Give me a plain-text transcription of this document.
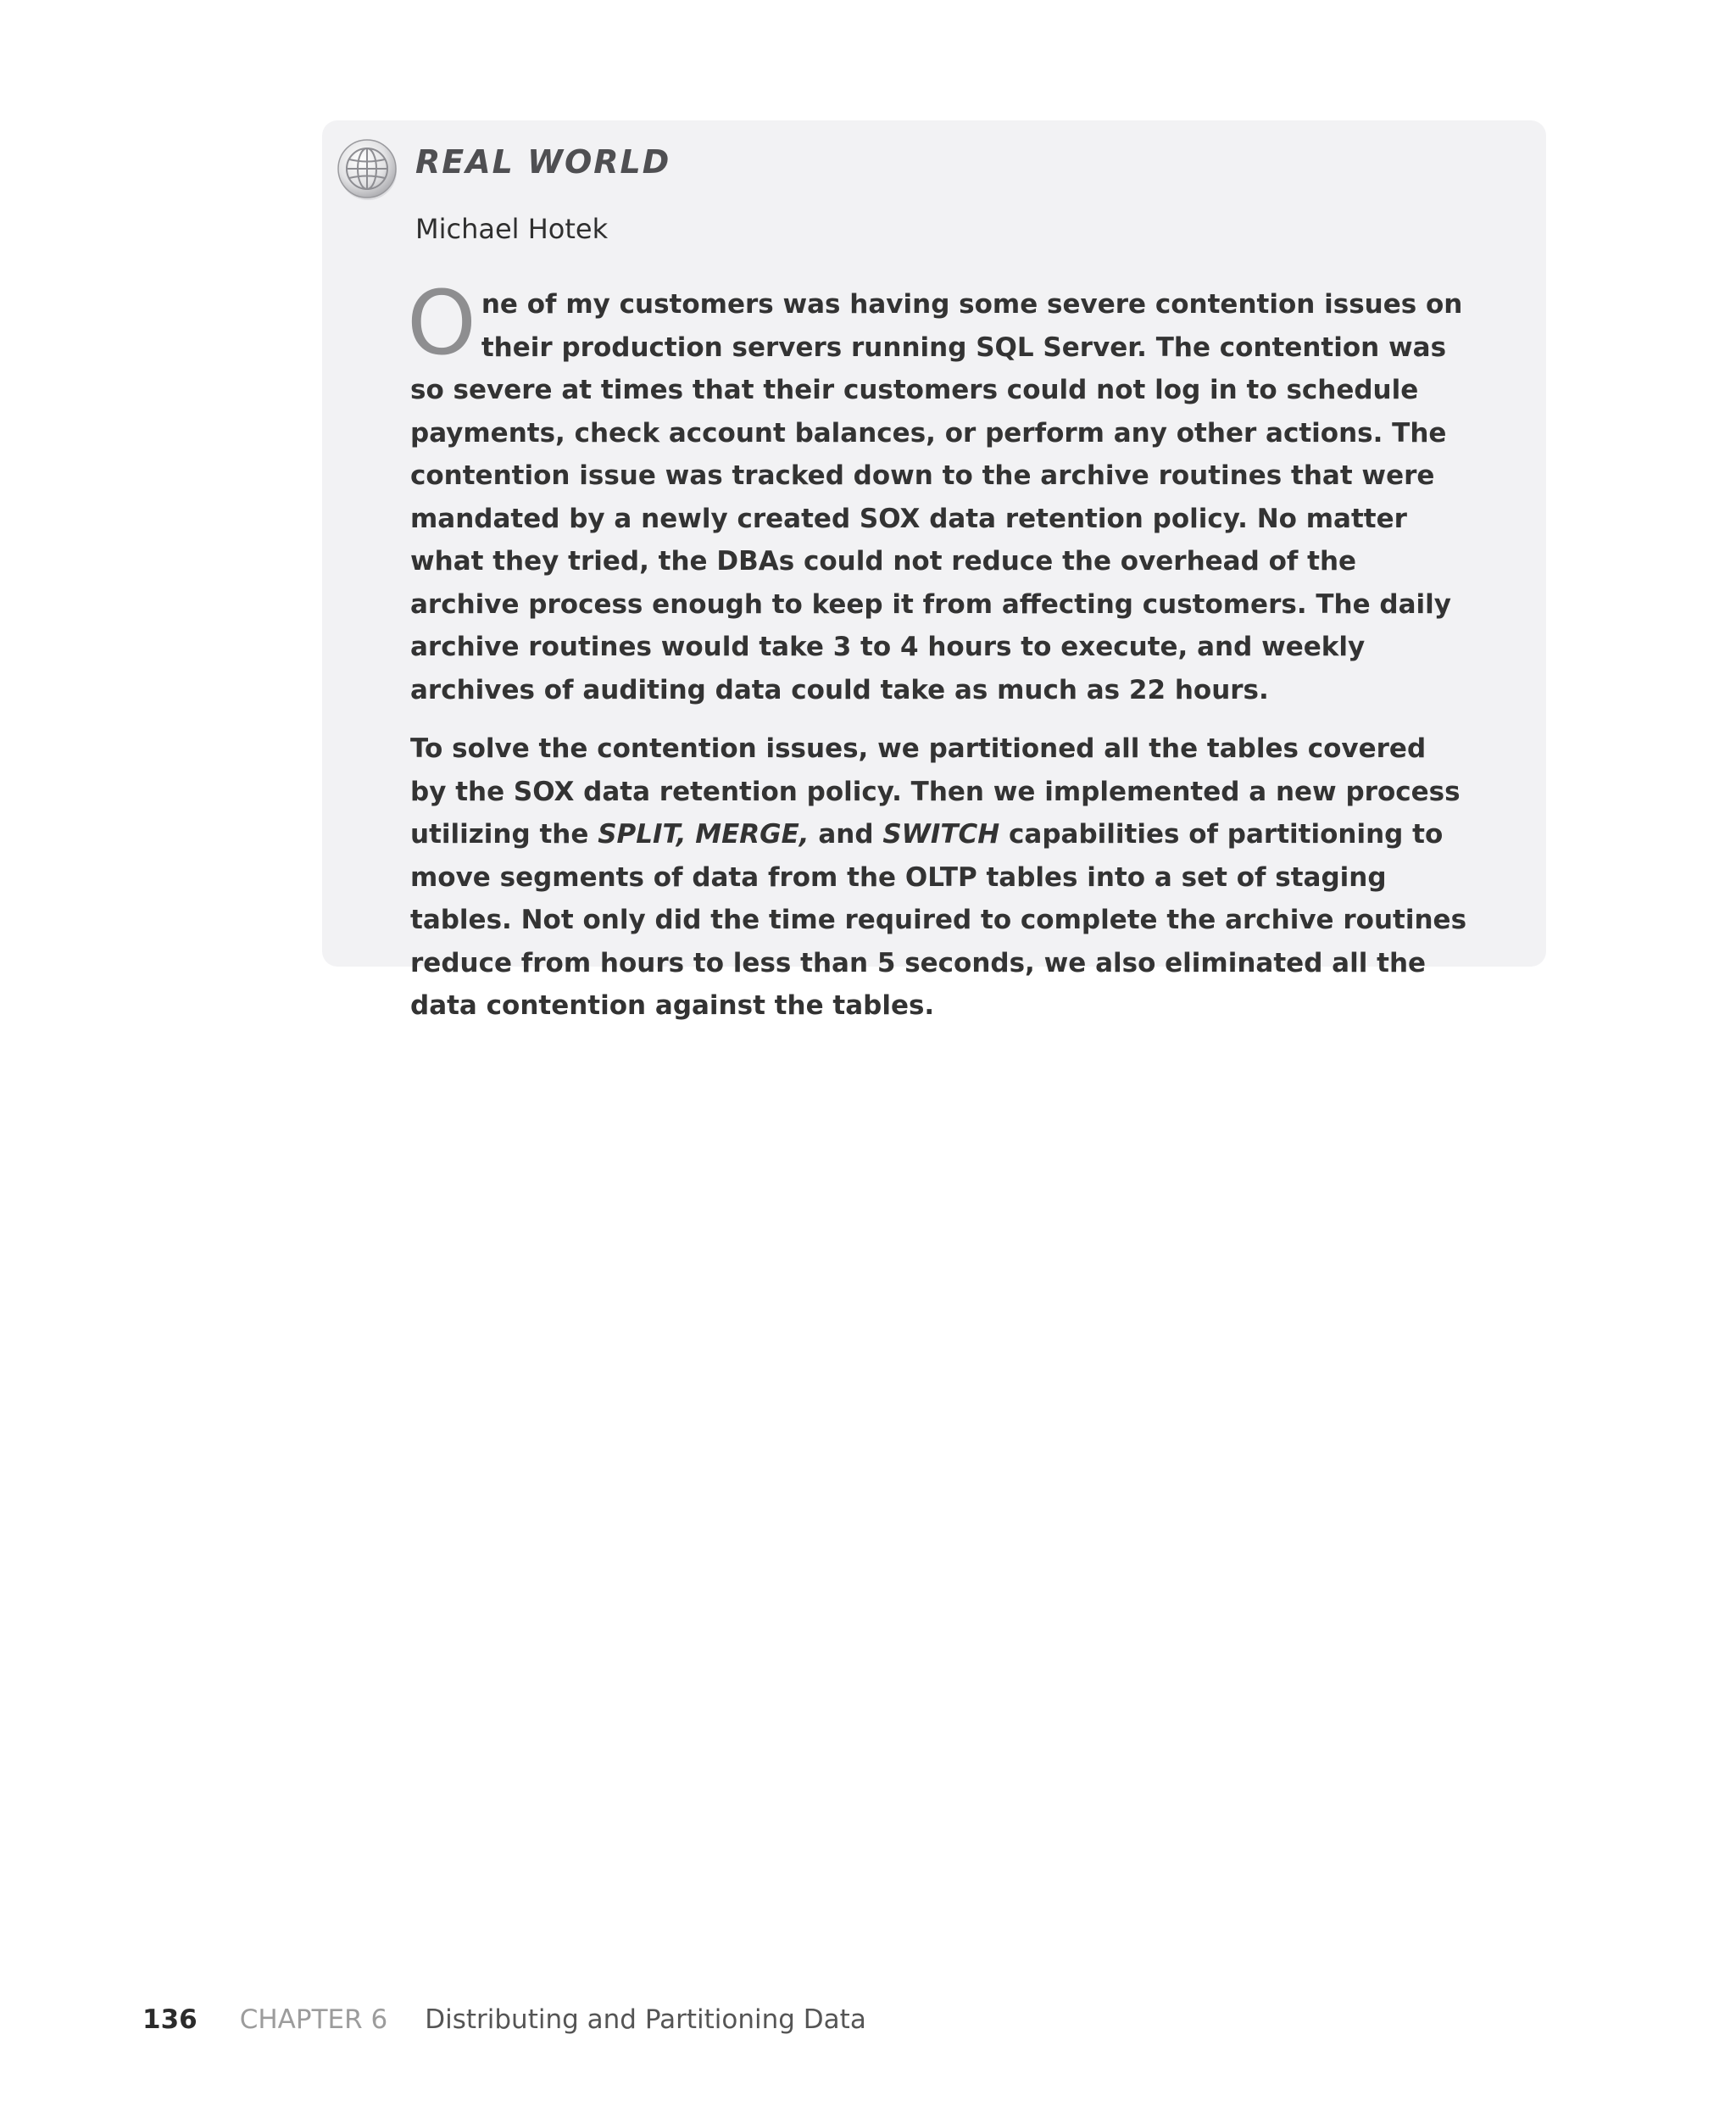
REAL WORLD
Michael Hotek

One of my customers was having some severe contention issues on their production servers running SQL Server. The contention was so severe at times that their customers could not log in to schedule payments, check account balances, or perform any other actions. The contention issue was tracked down to the archive routines that were mandated by a newly created SOX data retention policy. No matter what they tried, the DBAs could not reduce the overhead of the archive process enough to keep it from affecting customers. The daily archive routines would take 3 to 4 hours to execute, and weekly archives of auditing data could take as much as 22 hours.

To solve the contention issues, we partitioned all the tables covered by the SOX data retention policy. Then we implemented a new process utilizing the SPLIT, MERGE, and SWITCH capabilities of partitioning to move segments of data from the OLTP tables into a set of staging tables. Not only did the time required to complete the archive routines reduce from hours to less than 5 seconds, we also eliminated all the data contention against the tables.

136 CHAPTER 6 Distributing and Partitioning Data
